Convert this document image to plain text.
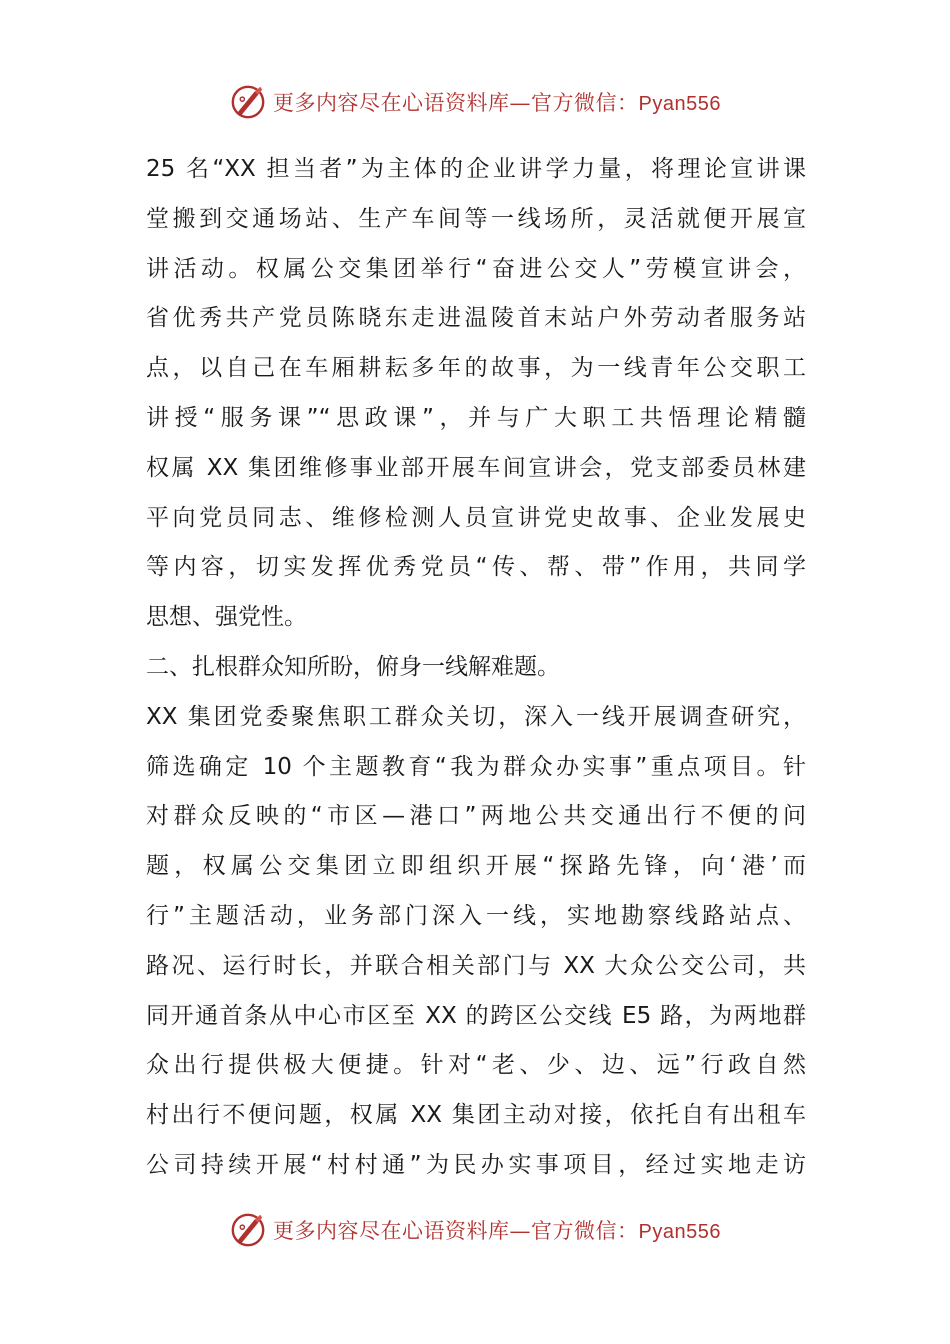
更多内容尽在心语资料库—官方微信：Pyan556
25 名“XX 担当者”为主体的企业讲学力量，将理论宣讲课
堂搬到交通场站、生产车间等一线场所，灵活就便开展宣
讲活动。权属公交集团举行“奋进公交人”劳模宣讲会，
省优秀共产党员陈晓东走进温陵首末站户外劳动者服务站
点，以自己在车厢耕耘多年的故事，为一线青年公交职工
讲授“服务课”“思政课”，并与广大职工共悟理论精髓
权属 XX 集团维修事业部开展车间宣讲会，党支部委员林建
平向党员同志、维修检测人员宣讲党史故事、企业发展史
等内容，切实发挥优秀党员“传、帮、带”作用，共同学
思想、强党性。
二、扎根群众知所盼，俯身一线解难题。
XX 集团党委聚焦职工群众关切，深入一线开展调查研究，
筛选确定 10 个主题教育“我为群众办实事”重点项目。针
对群众反映的“市区—港口”两地公共交通出行不便的问
题，权属公交集团立即组织开展“探路先锋，向‘港’而
行”主题活动，业务部门深入一线，实地勘察线路站点、
路况、运行时长，并联合相关部门与 XX 大众公交公司，共
同开通首条从中心市区至 XX 的跨区公交线 E5 路，为两地群
众出行提供极大便捷。针对“老、少、边、远”行政自然
村出行不便问题，权属 XX 集团主动对接，依托自有出租车
公司持续开展“村村通”为民办实事项目，经过实地走访
更多内容尽在心语资料库—官方微信：Pyan556
